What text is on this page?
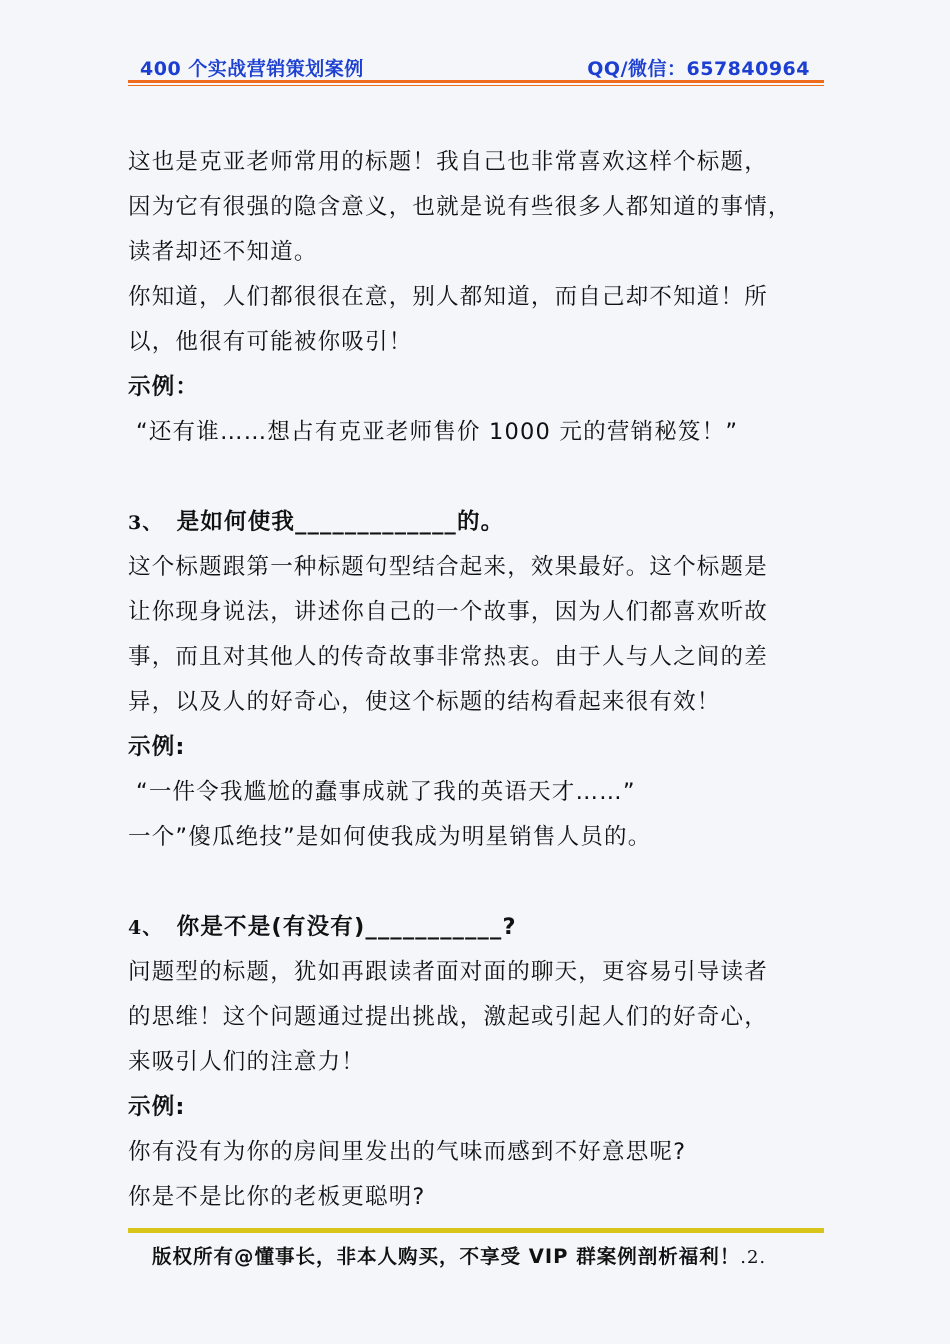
400 个实战营销策划案例	QQ/微信：657840964
这也是克亚老师常用的标题！我自己也非常喜欢这样个标题，
因为它有很强的隐含意义，也就是说有些很多人都知道的事情，
读者却还不知道。
你知道，人们都很很在意，别人都知道，而自己却不知道！所
以，他很有可能被你吸引！
示例：
“还有谁……想占有克亚老师售价 1000 元的营销秘笈！”
3、 是如何使我_____________的。
这个标题跟第一种标题句型结合起来，效果最好。这个标题是
让你现身说法，讲述你自己的一个故事，因为人们都喜欢听故
事，而且对其他人的传奇故事非常热衷。由于人与人之间的差
异，以及人的好奇心，使这个标题的结构看起来很有效！
示例:
“一件令我尴尬的蠢事成就了我的英语天才……”
一个”傻瓜绝技”是如何使我成为明星销售人员的。
4、 你是不是(有没有)___________?
问题型的标题，犹如再跟读者面对面的聊天，更容易引导读者
的思维！这个问题通过提出挑战，激起或引起人们的好奇心，
来吸引人们的注意力！
示例:
你有没有为你的房间里发出的气味而感到不好意思呢?
你是不是比你的老板更聪明?
版权所有@懂事长，非本人购买，不享受 VIP 群案例剖析福利！.2.
